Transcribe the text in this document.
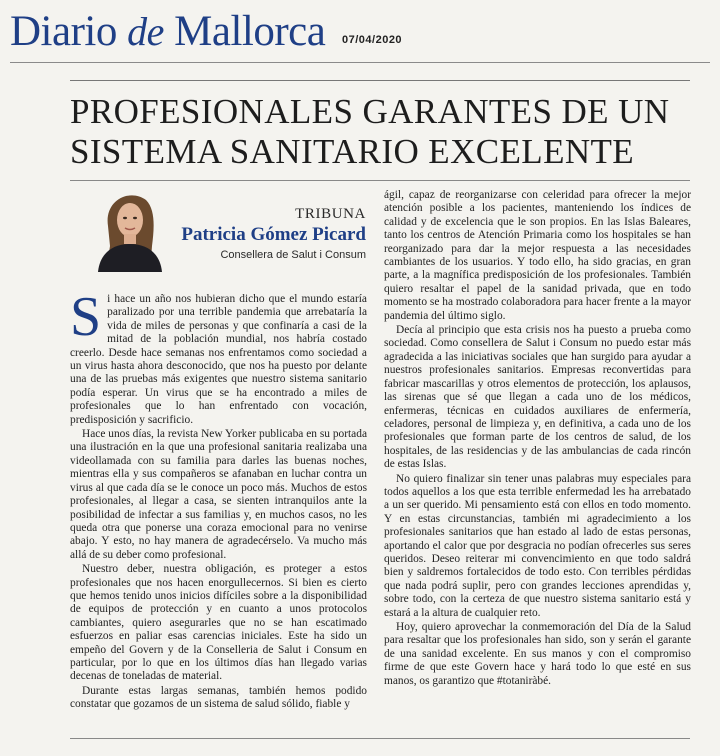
Diario de Mallorca 07/04/2020
PROFESIONALES GARANTES DE UN SISTEMA SANITARIO EXCELENTE
TRIBUNA
Patricia Gómez Picard
Consellera de Salut i Consum

Si hace un año nos hubieran dicho que el mundo estaría paralizado por una terrible pandemia que arrebataría la vida de miles de personas y que confinaría a casi de la mitad de la población mundial, nos habría costado creerlo. Desde hace semanas nos enfrentamos como sociedad a un virus hasta ahora desconocido, que nos ha puesto por delante una de las pruebas más exigentes que nuestro sistema sanitario podía esperar. Un virus que se ha encontrado a miles de profesionales que lo han enfrentado con vocación, predisposición y sacrificio.

Hace unos días, la revista New Yorker publicaba en su portada una ilustración en la que una profesional sanitaria realizaba una videollamada con su familia para darles las buenas noches, mientras ella y sus compañeros se afanaban en luchar contra un virus al que cada día se le conoce un poco más. Muchos de estos profesionales, al llegar a casa, se sienten intranquilos ante la posibilidad de infectar a sus familias y, en muchos casos, no les queda otra que ponerse una coraza emocional para no venirse abajo. Y esto, no hay manera de agradecérselo. Va mucho más allá de su deber como profesional.

Nuestro deber, nuestra obligación, es proteger a estos profesionales que nos hacen enorgullecernos. Si bien es cierto que hemos tenido unos inicios difíciles sobre a la disponibilidad de equipos de protección y en cuanto a unos protocolos cambiantes, quiero asegurarles que no se han escatimado esfuerzos en paliar esas carencias iniciales. Este ha sido un empeño del Govern y de la Conselleria de Salut i Consum en particular, por lo que en los últimos días han llegado varias decenas de toneladas de material.

Durante estas largas semanas, también hemos podido constatar que gozamos de un sistema de salud sólido, fiable y

ágil, capaz de reorganizarse con celeridad para ofrecer la mejor atención posible a los pacientes, manteniendo los índices de calidad y de excelencia que le son propios. En las Islas Baleares, tanto los centros de Atención Primaria como los hospitales se han reorganizado para dar la mejor respuesta a las necesidades cambiantes de los usuarios. Y todo ello, ha sido gracias, en gran parte, a la magnífica predisposición de los profesionales. También quiero resaltar el papel de la sanidad privada, que en todo momento se ha mostrado colaboradora para hacer frente a la mayor pandemia del último siglo.

Decía al principio que esta crisis nos ha puesto a prueba como sociedad. Como consellera de Salut i Consum no puedo estar más agradecida a las iniciativas sociales que han surgido para ayudar a nuestros profesionales sanitarios. Empresas reconvertidas para fabricar mascarillas y otros elementos de protección, los aplausos, las sirenas que sé que llegan a cada uno de los médicos, enfermeras, técnicas en cuidados auxiliares de enfermería, celadores, personal de limpieza y, en definitiva, a cada uno de los profesionales que forman parte de los centros de salud, de los hospitales, de las residencias y de las ambulancias de cada rincón de estas Islas.

No quiero finalizar sin tener unas palabras muy especiales para todos aquellos a los que esta terrible enfermedad les ha arrebatado a un ser querido. Mi pensamiento está con ellos en todo momento. Y en estas circunstancias, también mi agradecimiento a los profesionales sanitarios que han estado al lado de estas personas, aportando el calor que por desgracia no podían ofrecerles sus seres queridos. Deseo reiterar mi convencimiento en que todo saldrá bien y saldremos fortalecidos de todo esto. Con terribles pérdidas que nada podrá suplir, pero con grandes lecciones aprendidas y, sobre todo, con la certeza de que nuestro sistema sanitario está y estará a la altura de cualquier reto.

Hoy, quiero aprovechar la conmemoración del Día de la Salud para resaltar que los profesionales han sido, son y serán el garante de una sanidad excelente. En sus manos y con el compromiso firme de que este Govern hace y hará todo lo que esté en sus manos, os garantizo que #totaniràbé.
